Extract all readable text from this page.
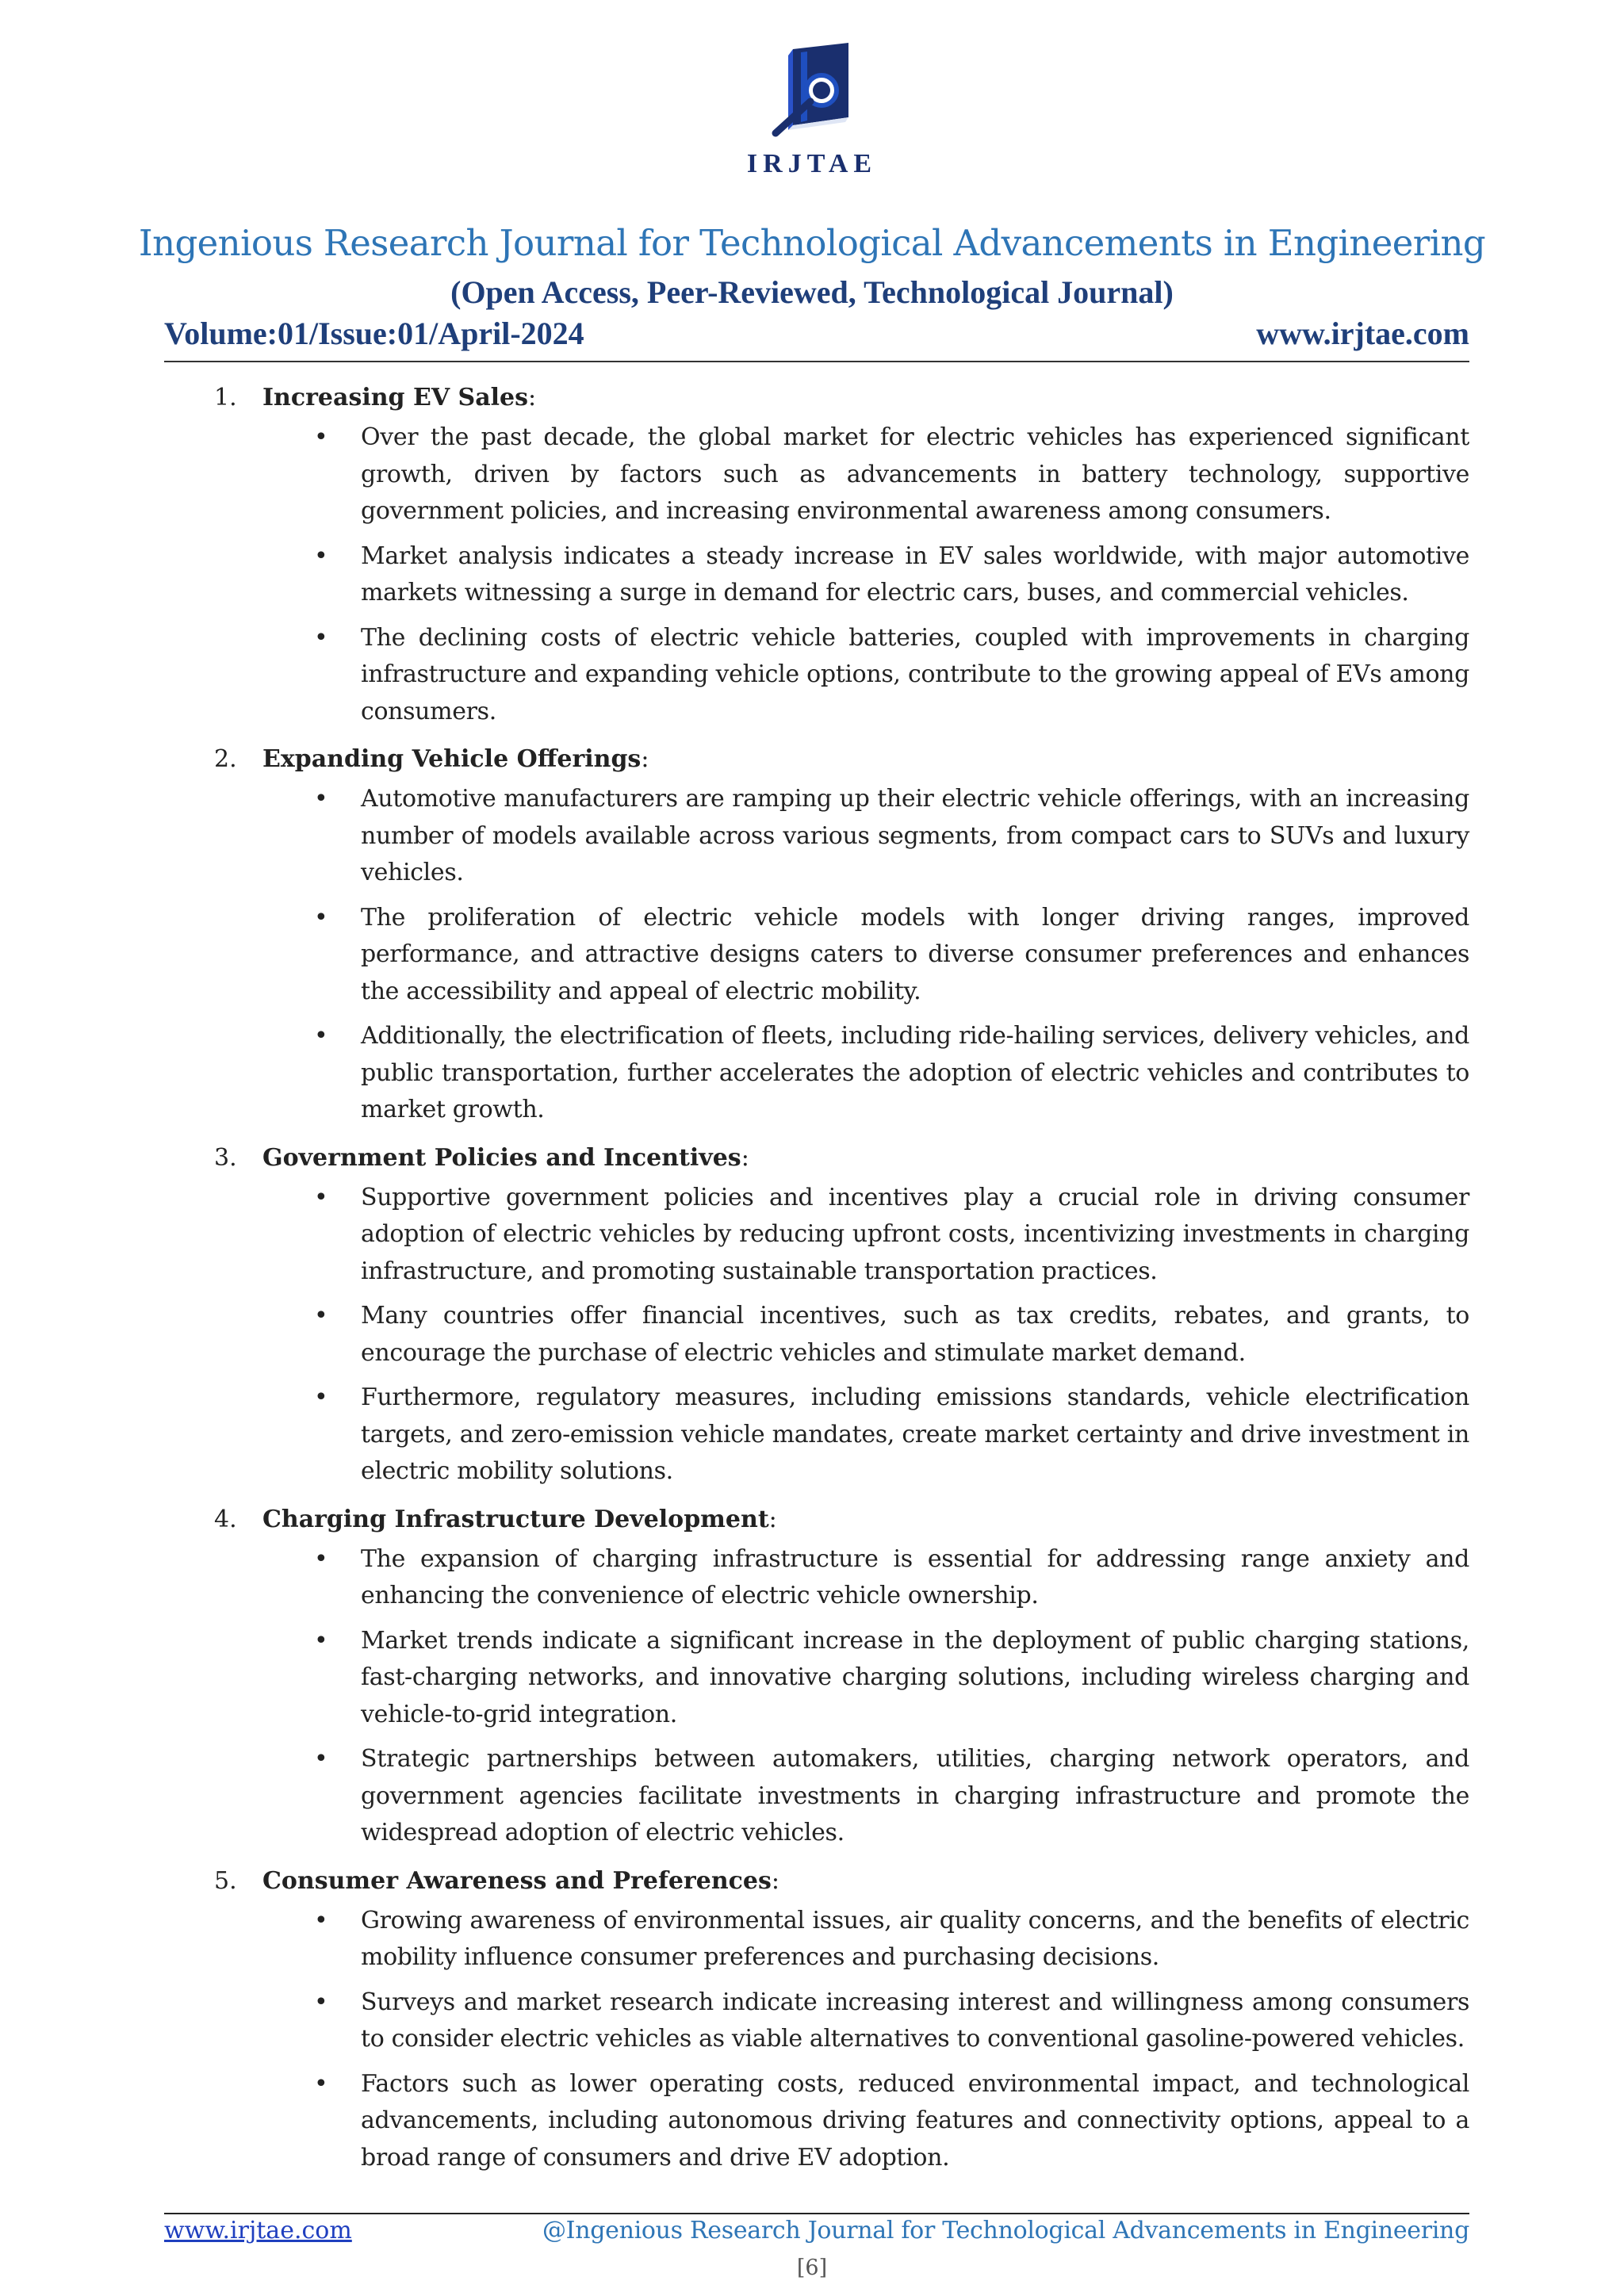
IRJTAE
Ingenious Research Journal for Technological Advancements in Engineering
(Open Access, Peer-Reviewed, Technological Journal)
Volume:01/Issue:01/April-2024	www.irjtae.com
1. Increasing EV Sales:
• Over the past decade, the global market for electric vehicles has experienced significant growth, driven by factors such as advancements in battery technology, supportive government policies, and increasing environmental awareness among consumers.
• Market analysis indicates a steady increase in EV sales worldwide, with major automotive markets witnessing a surge in demand for electric cars, buses, and commercial vehicles.
• The declining costs of electric vehicle batteries, coupled with improvements in charging infrastructure and expanding vehicle options, contribute to the growing appeal of EVs among consumers.
2. Expanding Vehicle Offerings:
• Automotive manufacturers are ramping up their electric vehicle offerings, with an increasing number of models available across various segments, from compact cars to SUVs and luxury vehicles.
• The proliferation of electric vehicle models with longer driving ranges, improved performance, and attractive designs caters to diverse consumer preferences and enhances the accessibility and appeal of electric mobility.
• Additionally, the electrification of fleets, including ride-hailing services, delivery vehicles, and public transportation, further accelerates the adoption of electric vehicles and contributes to market growth.
3. Government Policies and Incentives:
• Supportive government policies and incentives play a crucial role in driving consumer adoption of electric vehicles by reducing upfront costs, incentivizing investments in charging infrastructure, and promoting sustainable transportation practices.
• Many countries offer financial incentives, such as tax credits, rebates, and grants, to encourage the purchase of electric vehicles and stimulate market demand.
• Furthermore, regulatory measures, including emissions standards, vehicle electrification targets, and zero-emission vehicle mandates, create market certainty and drive investment in electric mobility solutions.
4. Charging Infrastructure Development:
• The expansion of charging infrastructure is essential for addressing range anxiety and enhancing the convenience of electric vehicle ownership.
• Market trends indicate a significant increase in the deployment of public charging stations, fast-charging networks, and innovative charging solutions, including wireless charging and vehicle-to-grid integration.
• Strategic partnerships between automakers, utilities, charging network operators, and government agencies facilitate investments in charging infrastructure and promote the widespread adoption of electric vehicles.
5. Consumer Awareness and Preferences:
• Growing awareness of environmental issues, air quality concerns, and the benefits of electric mobility influence consumer preferences and purchasing decisions.
• Surveys and market research indicate increasing interest and willingness among consumers to consider electric vehicles as viable alternatives to conventional gasoline-powered vehicles.
• Factors such as lower operating costs, reduced environmental impact, and technological advancements, including autonomous driving features and connectivity options, appeal to a broad range of consumers and drive EV adoption.
www.irjtae.com	@Ingenious Research Journal for Technological Advancements in Engineering
[6]
